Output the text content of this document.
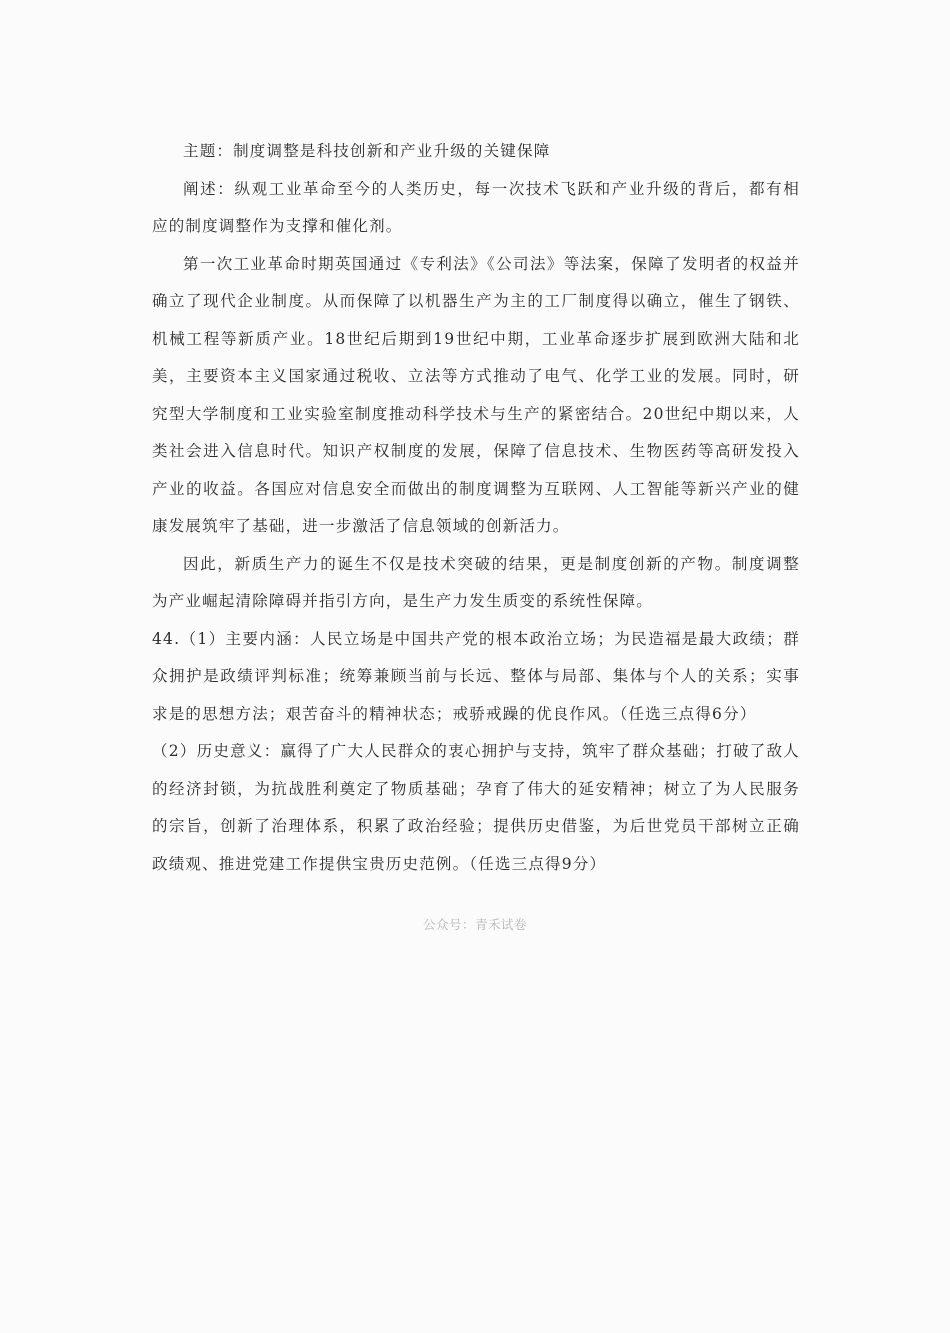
主题：制度调整是科技创新和产业升级的关键保障

阐述：纵观工业革命至今的人类历史，每一次技术飞跃和产业升级的背后，都有相应的制度调整作为支撑和催化剂。

第一次工业革命时期英国通过《专利法》《公司法》等法案，保障了发明者的权益并确立了现代企业制度。从而保障了以机器生产为主的工厂制度得以确立，催生了钢铁、机械工程等新质产业。18世纪后期到19世纪中期，工业革命逐步扩展到欧洲大陆和北美，主要资本主义国家通过税收、立法等方式推动了电气、化学工业的发展。同时，研究型大学制度和工业实验室制度推动科学技术与生产的紧密结合。20世纪中期以来，人类社会进入信息时代。知识产权制度的发展，保障了信息技术、生物医药等高研发投入产业的收益。各国应对信息安全而做出的制度调整为互联网、人工智能等新兴产业的健康发展筑牢了基础，进一步激活了信息领域的创新活力。

因此，新质生产力的诞生不仅是技术突破的结果，更是制度创新的产物。制度调整为产业崛起清除障碍并指引方向，是生产力发生质变的系统性保障。

44.（1）主要内涵：人民立场是中国共产党的根本政治立场；为民造福是最大政绩；群众拥护是政绩评判标准；统筹兼顾当前与长远、整体与局部、集体与个人的关系；实事求是的思想方法；艰苦奋斗的精神状态；戒骄戒躁的优良作风。（任选三点得6分）

（2）历史意义：赢得了广大人民群众的衷心拥护与支持，筑牢了群众基础；打破了敌人的经济封锁，为抗战胜利奠定了物质基础；孕育了伟大的延安精神；树立了为人民服务的宗旨，创新了治理体系，积累了政治经验；提供历史借鉴，为后世党员干部树立正确政绩观、推进党建工作提供宝贵历史范例。（任选三点得9分）

公众号：青禾试卷
